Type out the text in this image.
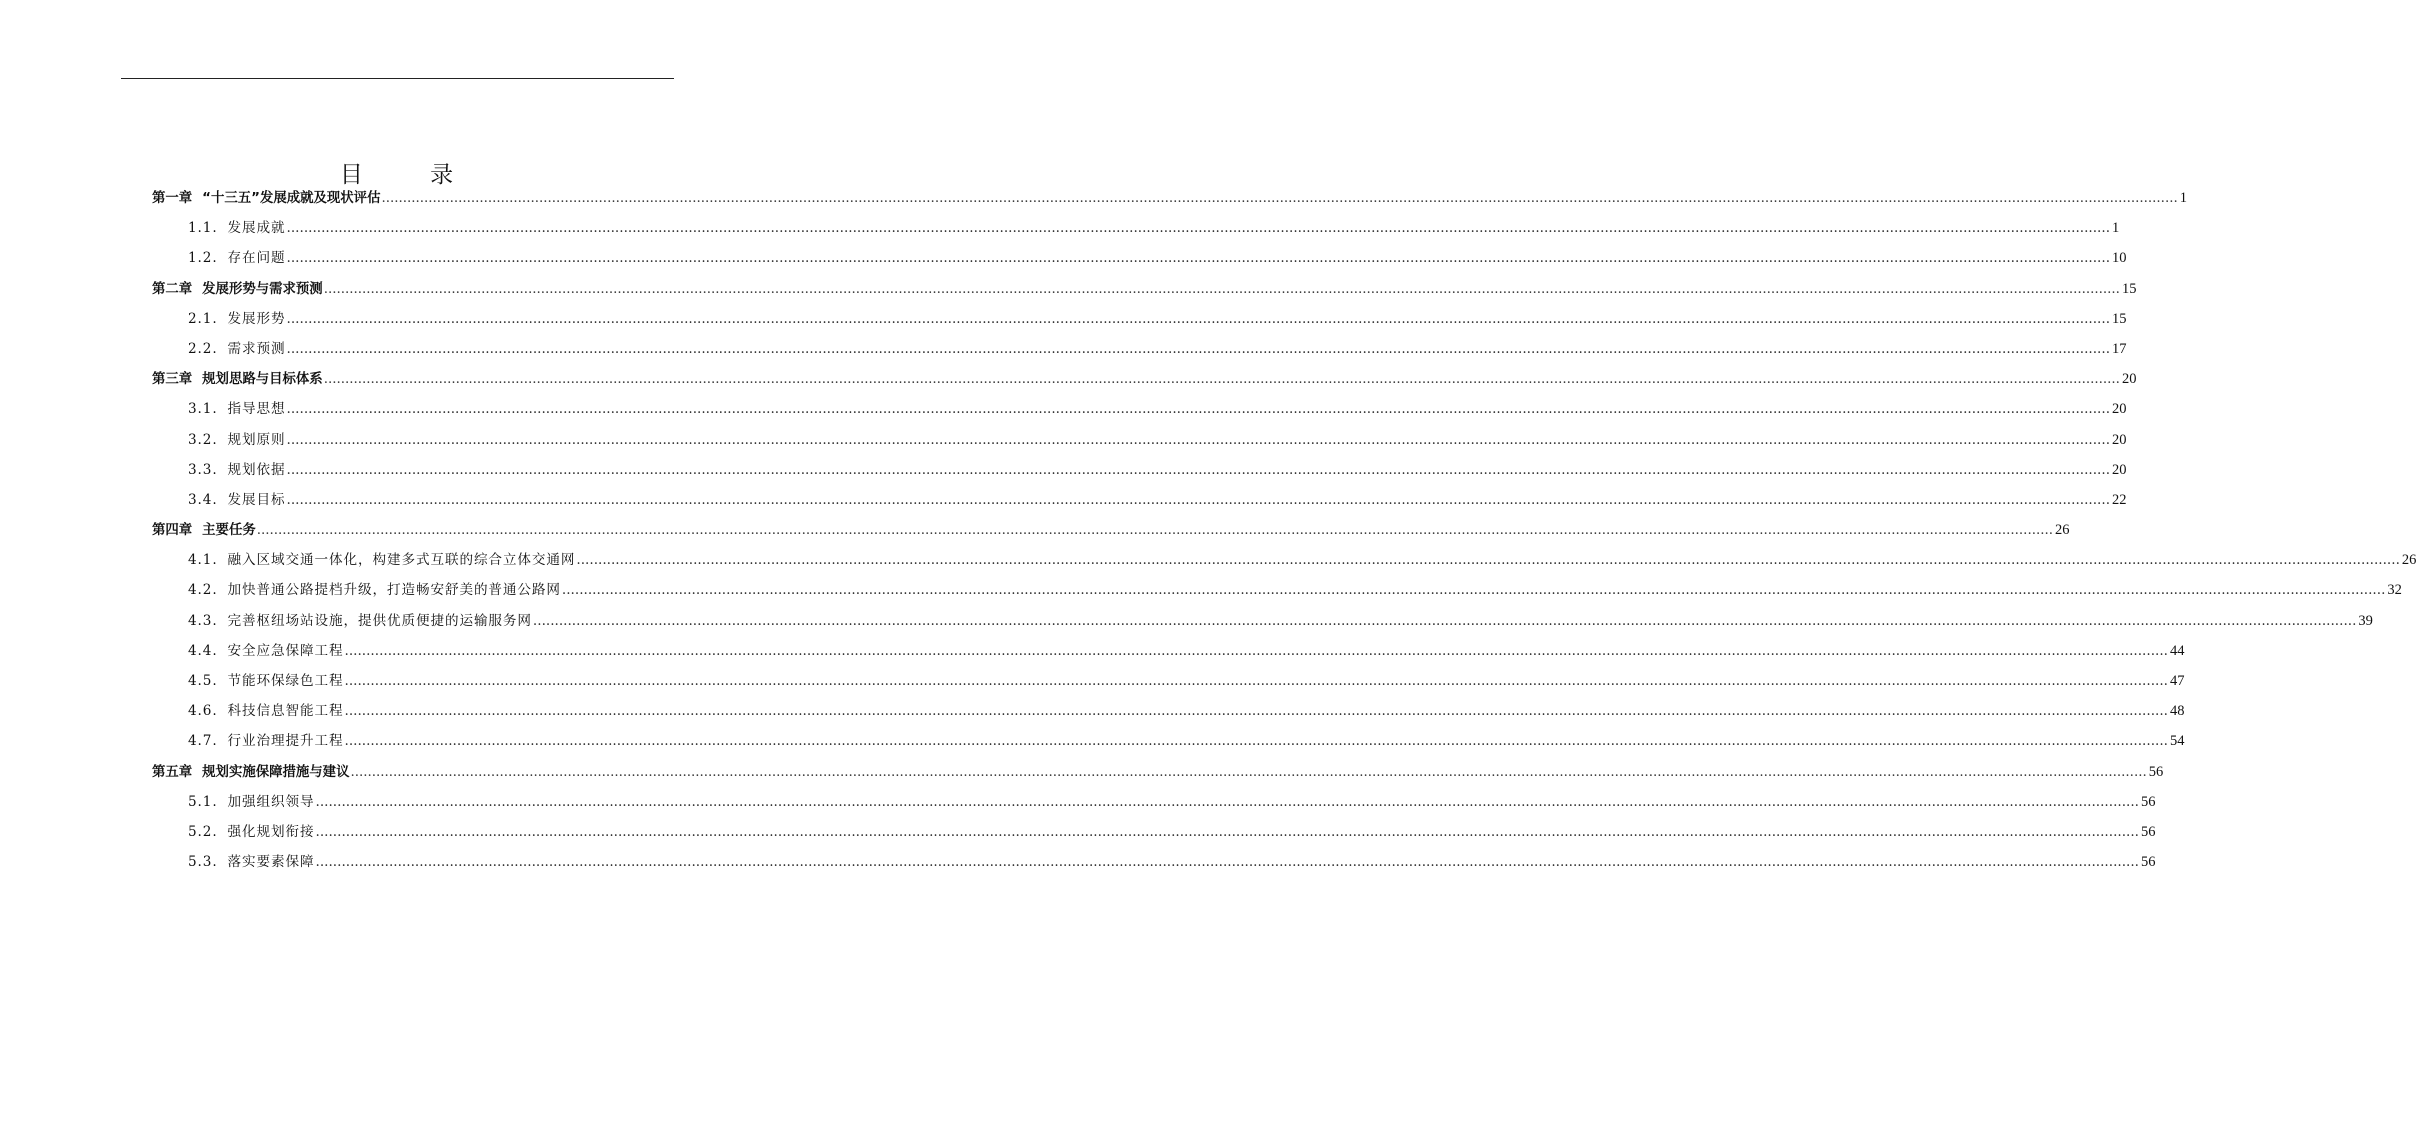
目 录
第一章 “十三五”发展成就及现状评估 .....	1
1.1. 发展成就 .....	1
1.2. 存在问题 .....	10
第二章 发展形势与需求预测 .....	15
2.1. 发展形势 .....	15
2.2. 需求预测 .....	17
第三章 规划思路与目标体系 .....	20
3.1. 指导思想 .....	20
3.2. 规划原则 .....	20
3.3. 规划依据 .....	20
3.4. 发展目标 .....	22
第四章 主要任务 .....	26
4.1. 融入区域交通一体化，构建多式互联的综合立体交通网 .....	26
4.2. 加快普通公路提档升级，打造畅安舒美的普通公路网 .....	32
4.3. 完善枢纽场站设施，提供优质便捷的运输服务网 .....	39
4.4. 安全应急保障工程 .....	44
4.5. 节能环保绿色工程 .....	47
4.6. 科技信息智能工程 .....	48
4.7. 行业治理提升工程 .....	54
第五章 规划实施保障措施与建议 .....	56
5.1. 加强组织领导 .....	56
5.2. 强化规划衔接 .....	56
5.3. 落实要素保障 .....	56
